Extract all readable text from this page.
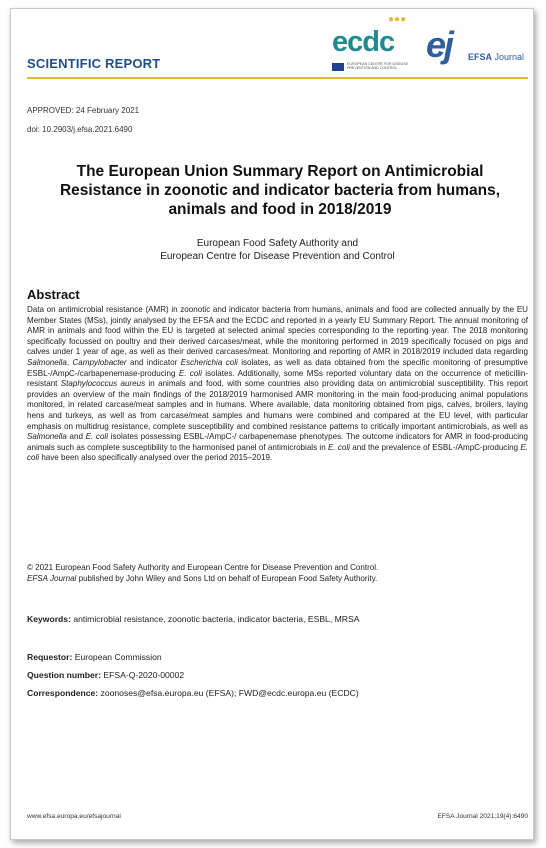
●●●
ecdc ej EFSA Journal
EUROPEAN CENTRE FOR DISEASE PREVENTION AND CONTROL
SCIENTIFIC REPORT
APPROVED: 24 February 2021
doi: 10.2903/j.efsa.2021.6490
The European Union Summary Report on Antimicrobial Resistance in zoonotic and indicator bacteria from humans, animals and food in 2018/2019
European Food Safety Authority and
European Centre for Disease Prevention and Control
Abstract
Data on antimicrobial resistance (AMR) in zoonotic and indicator bacteria from humans, animals and food are collected annually by the EU Member States (MSs), jointly analysed by the EFSA and the ECDC and reported in a yearly EU Summary Report. The annual monitoring of AMR in animals and food within the EU is targeted at selected animal species corresponding to the reporting year. The 2018 monitoring specifically focussed on poultry and their derived carcases/meat, while the monitoring performed in 2019 specifically focused on pigs and calves under 1 year of age, as well as their derived carcases/meat. Monitoring and reporting of AMR in 2018/2019 included data regarding Salmonella, Campylobacter and indicator Escherichia coli isolates, as well as data obtained from the specific monitoring of presumptive ESBL-/AmpC-/carbapenemase-producing E. coli isolates. Additionally, some MSs reported voluntary data on the occurrence of meticillin-resistant Staphylococcus aureus in animals and food, with some countries also providing data on antimicrobial susceptibility. This report provides an overview of the main findings of the 2018/2019 harmonised AMR monitoring in the main food-producing animal populations monitored, in related carcase/meat samples and in humans. Where available, data monitoring obtained from pigs, calves, broilers, laying hens and turkeys, as well as from carcase/meat samples and humans were combined and compared at the EU level, with particular emphasis on multidrug resistance, complete susceptibility and combined resistance patterns to critically important antimicrobials, as well as Salmonella and E. coli isolates possessing ESBL-/AmpC-/ carbapenemase phenotypes. The outcome indicators for AMR in food-producing animals such as complete susceptibility to the harmonised panel of antimicrobials in E. coli and the prevalence of ESBL-/AmpC-producing E. coli have been also specifically analysed over the period 2015–2019.
© 2021 European Food Safety Authority and European Centre for Disease Prevention and Control.
EFSA Journal published by John Wiley and Sons Ltd on behalf of European Food Safety Authority.
Keywords: antimicrobial resistance, zoonotic bacteria, indicator bacteria, ESBL, MRSA
Requestor: European Commission
Question number: EFSA-Q-2020-00002
Correspondence: zoonoses@efsa.europa.eu (EFSA); FWD@ecdc.europa.eu (ECDC)
www.efsa.europa.eu/efsajournal	EFSA Journal 2021;19(4):6490
